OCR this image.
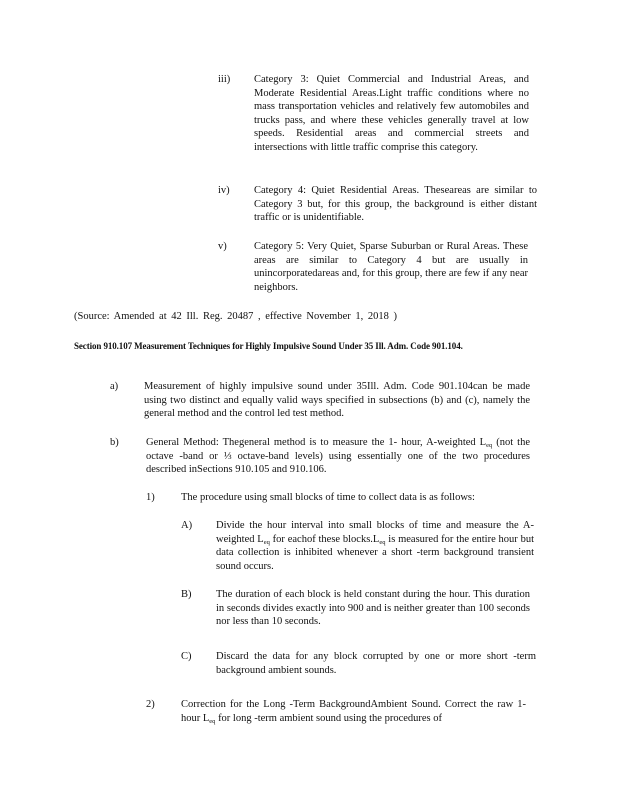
iii) Category 3: Quiet Commercial and Industrial Areas, and Moderate Residential Areas.Light traffic conditions where no mass transportation vehicles and relatively few automobiles and trucks pass, and where these vehicles generally travel at low speeds. Residential areas and commercial streets and intersections with little traffic comprise this category.
iv) Category 4: Quiet Residential Areas. Theseareas are similar to Category 3 but, for this group, the background is either distant traffic or is unidentifiable.
v)	Category 5: Very Quiet, Sparse Suburban or Rural Areas. These areas are similar to Category 4 but are usually in unincorporatedareas and, for this group, there are few if any near neighbors.
(Source: Amended at 42 Ill. Reg. 20487 , effective November 1, 2018 )
Section 910.107 Measurement Techniques for Highly Impulsive Sound Under 35 Ill. Adm. Code 901.104.
a) Measurement of highly impulsive sound under 35Ill. Adm. Code 901.104can be made using two distinct and equally valid ways specified in subsections (b) and (c), namely the general method and the control led test method.
b)	General Method: Thegeneral method is to measure the 1- hour, A-weighted $L_{eq}$ (not the octave -band or ⅓ octave-band levels) using essentially one of the two procedures described inSections 910.105 and 910.106.
1)	The procedure using small blocks of time to collect data is as follows:
A) Divide the hour interval into small blocks of time and measure the A-weighted $L_{eq}$ for eachof these $blocks.L_{eq}$ is measured for the entire hour but data collection is inhibited whenever a short -term background transient sound occurs.
B) The duration of each block is held constant during the hour. This duration in seconds divides exactly into 900 and is neither greater than 100 seconds nor less than 10 seconds.
C) Discard the data for any block corrupted by one or more short -term background ambient sounds.
2)	Correction for the Long -Term BackgroundAmbient Sound. Correct the raw 1-hour $L_{eq}$ for long -term ambient sound using the procedures of
